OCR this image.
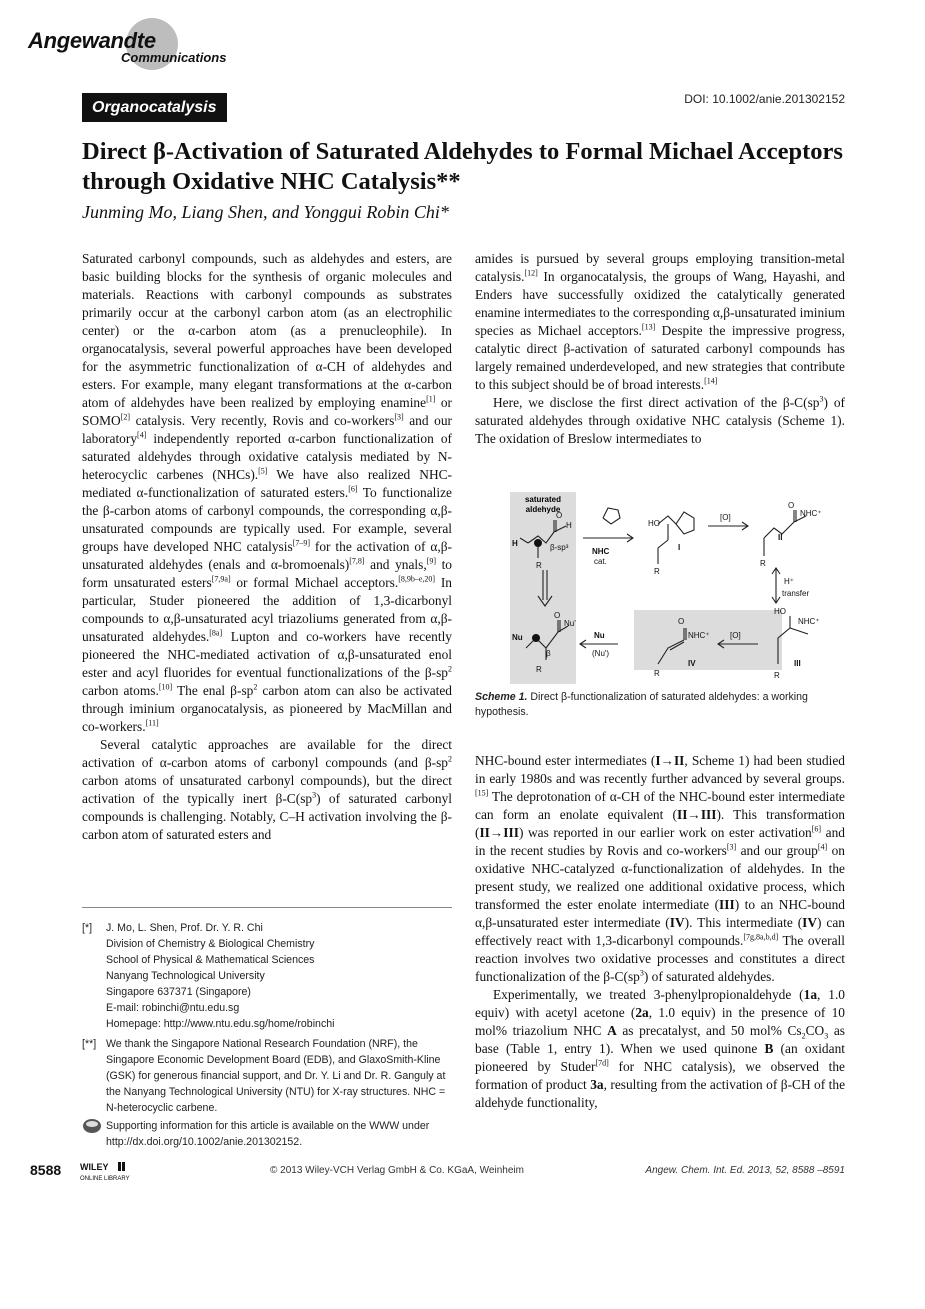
Angewandte
Communications
Organocatalysis	DOI: 10.1002/anie.201302152
Direct β-Activation of Saturated Aldehydes to Formal Michael Acceptors through Oxidative NHC Catalysis**
Junming Mo, Liang Shen, and Yonggui Robin Chi*

Saturated carbonyl compounds, such as aldehydes and esters, are basic building blocks for the synthesis of organic molecules and materials. Reactions with carbonyl compounds as substrates primarily occur at the carbonyl carbon atom (as an electrophilic center) or the α-carbon atom (as a prenucleophile). In organocatalysis, several powerful approaches have been developed for the asymmetric functionalization of α-CH of aldehydes and esters. For example, many elegant transformations at the α-carbon atom of aldehydes have been realized by employing enamine[1] or SOMO[2] catalysis. Very recently, Rovis and co-workers[3] and our laboratory[4] independently reported α-carbon functionalization of saturated aldehydes through oxidative catalysis mediated by N-heterocyclic carbenes (NHCs).[5] We have also realized NHC-mediated α-functionalization of saturated esters.[6] To functionalize the β-carbon atoms of carbonyl compounds, the corresponding α,β-unsaturated compounds are typically used. For example, several groups have developed NHC catalysis[7–9] for the activation of α,β-unsaturated aldehydes (enals and α-bromoenals)[7,8] and ynals,[9] to form unsaturated esters[7,9a] or formal Michael acceptors.[8,9b–e,20] In particular, Studer pioneered the addition of 1,3-dicarbonyl compounds to α,β-unsaturated acyl triazoliums generated from α,β-unsaturated aldehydes.[8a] Lupton and co-workers have recently pioneered the NHC-mediated activation of α,β-unsaturated enol ester and acyl fluorides for eventual functionalizations of the $\beta-sp^2$ carbon atoms.[10] The enal $\beta-sp^2$ carbon atom can also be activated through iminium organocatalysis, as pioneered by MacMillan and co-workers.[11]

Several catalytic approaches are available for the direct activation of α-carbon atoms of carbonyl compounds (and $\beta-sp^2$ carbon atoms of unsaturated carbonyl compounds), but the direct activation of the typically inert $\beta-C(sp^3)$ of saturated carbonyl compounds is challenging. Notably, C–H activation involving the β-carbon atom of saturated esters and

amides is pursued by several groups employing transition-metal catalysis.[12] In organocatalysis, the groups of Wang, Hayashi, and Enders have successfully oxidized the catalytically generated enamine intermediates to the corresponding α,β-unsaturated iminium species as Michael acceptors.[13] Despite the impressive progress, catalytic direct β-activation of saturated carbonyl compounds has largely remained underdeveloped, and new strategies that contribute to this subject should be of broad interests.[14]

Here, we disclose the first direct activation of the $\beta-C(sp^3)$ of saturated aldehydes through oxidative NHC catalysis (Scheme 1). The oxidation of Breslow intermediates to

saturated
aldehyde
H	β-sp³
R
O
H
NHC
cat.
HO
I
R
[O]
O
NHC⁺
II
R
H⁺
transfer
HO
NHC⁺
III
R
[O]
O
NHC⁺
IV
R
Nu
(Nu')
O
Nu'
Nu
β
R
Scheme 1. Direct β-functionalization of saturated aldehydes: a working hypothesis.

NHC-bound ester intermediates (I→II, Scheme 1) had been studied in early 1980s and was recently further advanced by several groups.[15] The deprotonation of α-CH of the NHC-bound ester intermediate can form an enolate equivalent (II→III). This transformation (II→III) was reported in our earlier work on ester activation[6] and in the recent studies by Rovis and co-workers[3] and our group[4] on oxidative NHC-catalyzed α-functionalization of aldehydes. In the present study, we realized one additional oxidative process, which transformed the ester enolate intermediate (III) to an NHC-bound α,β-unsaturated ester intermediate (IV). This intermediate (IV) can effectively react with 1,3-dicarbonyl compounds.[7g,8a,b,d] The overall reaction involves two oxidative processes and constitutes a direct functionalization of the $\beta-C(sp^3)$ of saturated aldehydes.

Experimentally, we treated 3-phenylpropionaldehyde (1a, 1.0 equiv) with acetyl acetone (2a, 1.0 equiv) in the presence of 10 mol% triazolium NHC A as precatalyst, and 50 mol% $Cs_2CO_3$ as base (Table 1, entry 1). When we used quinone B (an oxidant pioneered by Studer[7d] for NHC catalysis), we observed the formation of product 3a, resulting from the activation of β-CH of the aldehyde functionality,

[*]	J. Mo, L. Shen, Prof. Dr. Y. R. Chi
Division of Chemistry & Biological Chemistry
School of Physical & Mathematical Sciences
Nanyang Technological University
Singapore 637371 (Singapore)
E-mail: robinchi@ntu.edu.sg
Homepage: http://www.ntu.edu.sg/home/robinchi
[**] We thank the Singapore National Research Foundation (NRF), the Singapore Economic Development Board (EDB), and GlaxoSmith-Kline (GSK) for generous financial support, and Dr. Y. Li and Dr. R. Ganguly at the Nanyang Technological University (NTU) for X-ray structures. NHC = N-heterocyclic carbene.
Supporting information for this article is available on the WWW under http://dx.doi.org/10.1002/anie.201302152.
8588 WILEY
ONLINE LIBRARY
© 2013 Wiley-VCH Verlag GmbH & Co. KGaA, Weinheim	Angew. Chem. Int. Ed. 2013, 52, 8588 –8591
